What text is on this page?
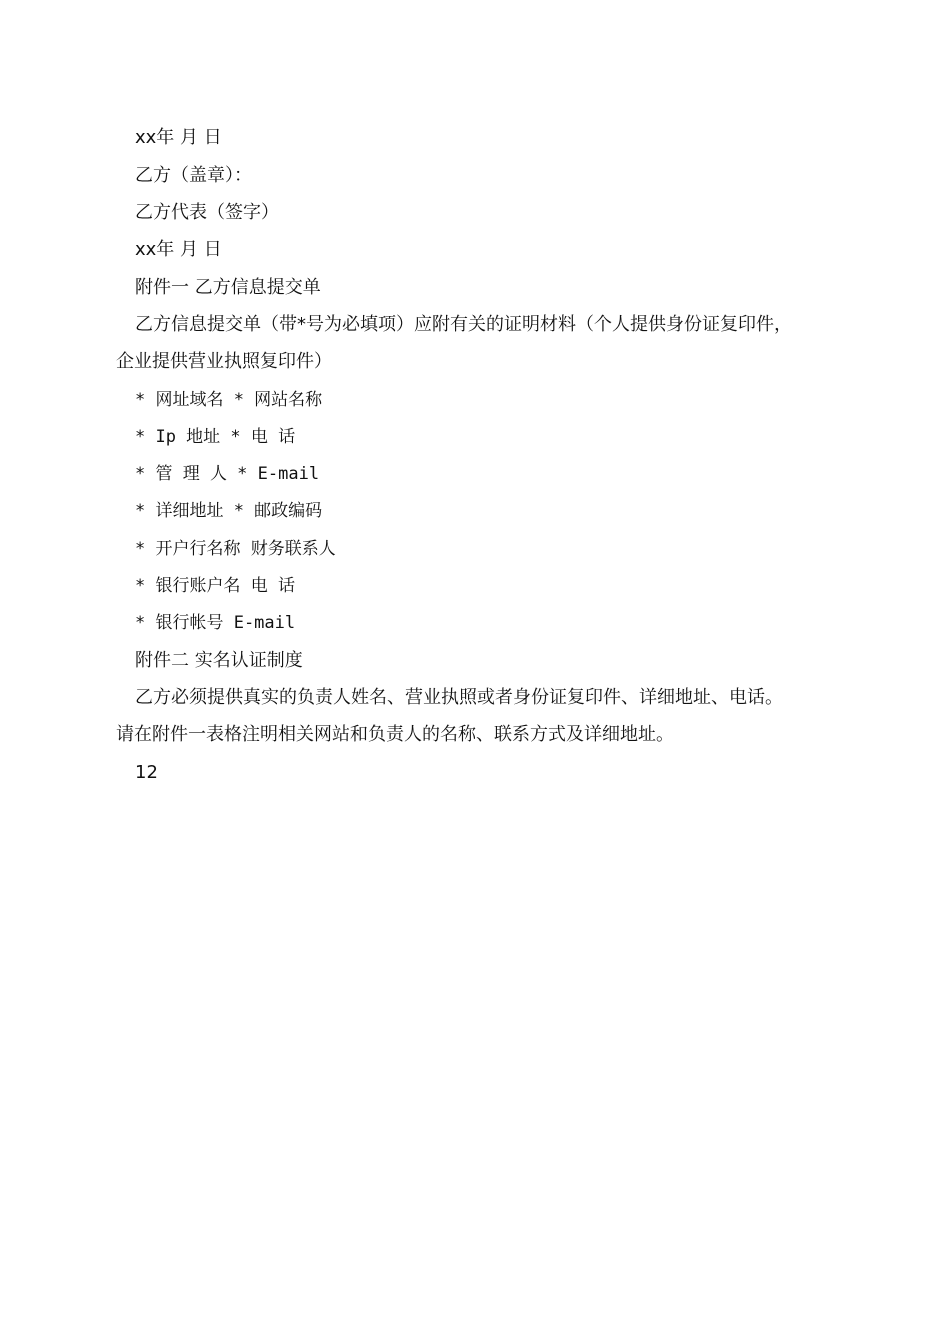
xx年 月 日
乙方（盖章）：
乙方代表（签字）
xx年 月 日
附件一 乙方信息提交单
乙方信息提交单（带*号为必填项）应附有关的证明材料（个人提供身份证复印件，
企业提供营业执照复印件）
* 网址域名 * 网站名称
* Ip 地址 * 电 话
* 管 理 人 * E-mail
* 详细地址 * 邮政编码
* 开户行名称 财务联系人
* 银行账户名 电 话
* 银行帐号 E-mail
附件二 实名认证制度
乙方必须提供真实的负责人姓名、营业执照或者身份证复印件、详细地址、电话。
请在附件一表格注明相关网站和负责人的名称、联系方式及详细地址。
12
